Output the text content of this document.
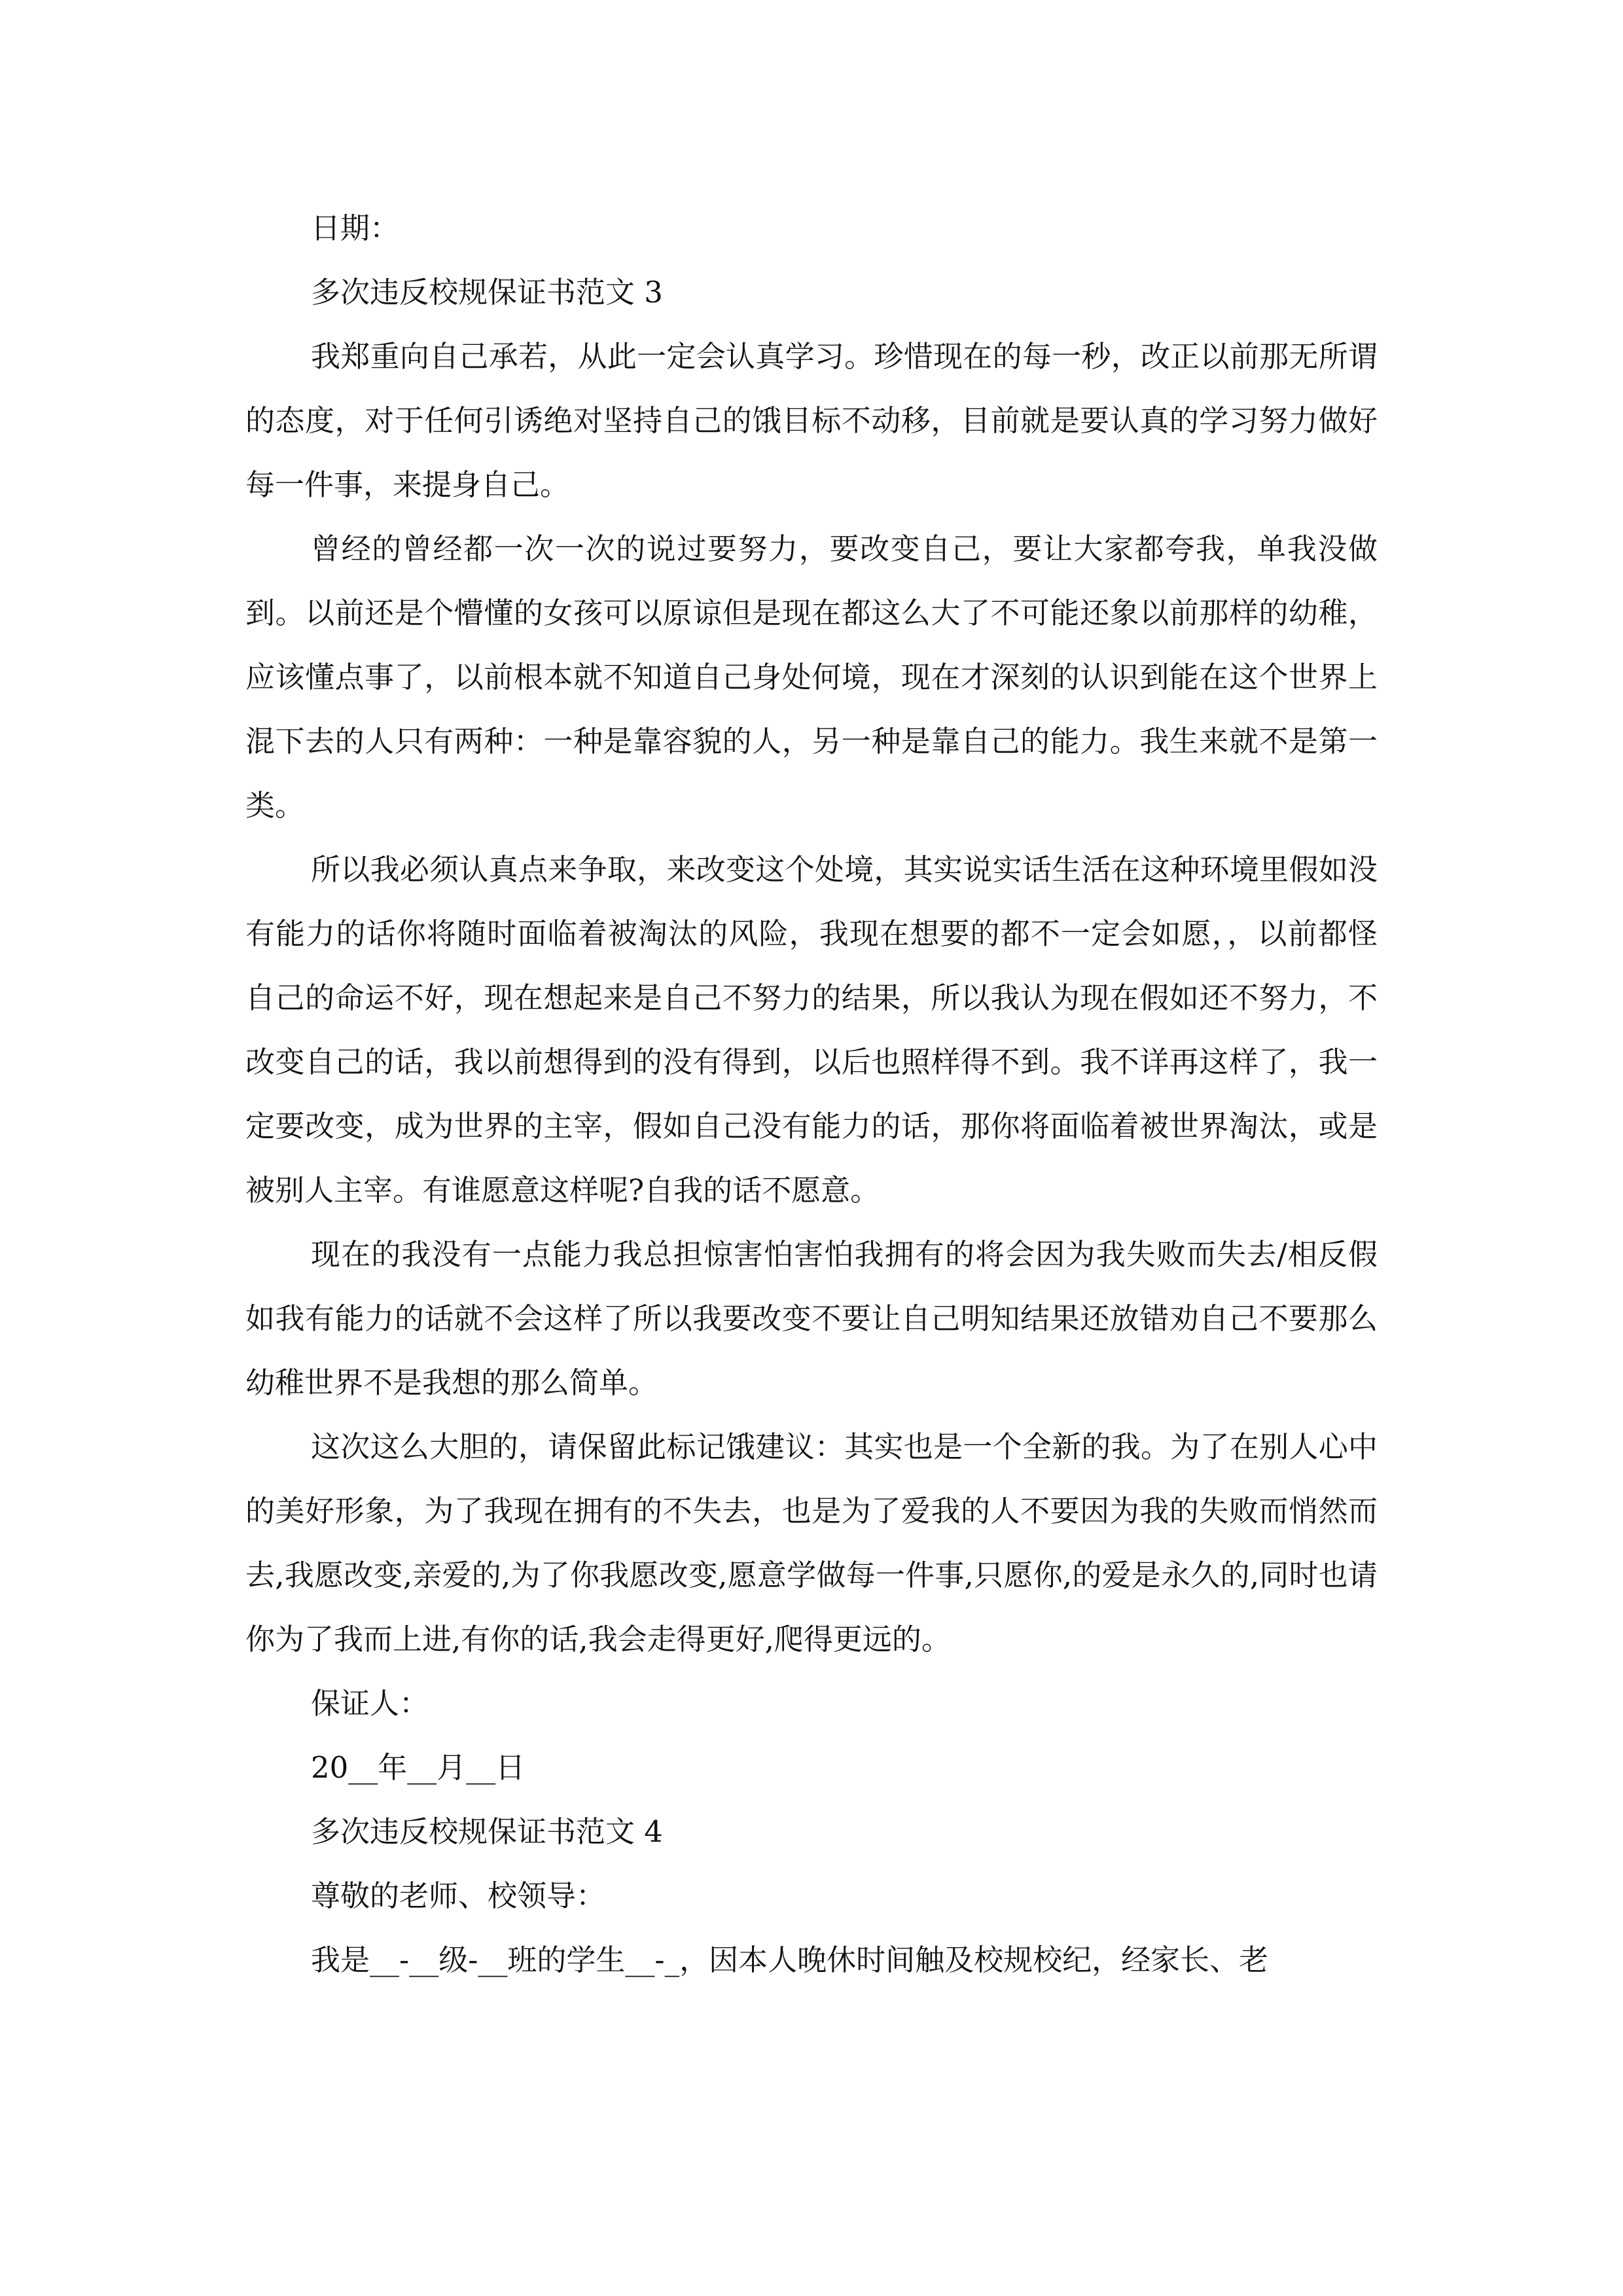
日期：

多次违反校规保证书范文 3

我郑重向自己承若，从此一定会认真学习。珍惜现在的每一秒，改正以前那无所谓的态度，对于任何引诱绝对坚持自己的饿目标不动移，目前就是要认真的学习努力做好每一件事，来提身自己。

曾经的曾经都一次一次的说过要努力，要改变自己，要让大家都夸我，单我没做到。以前还是个懵懂的女孩可以原谅但是现在都这么大了不可能还象以前那样的幼稚，应该懂点事了，以前根本就不知道自己身处何境，现在才深刻的认识到能在这个世界上混下去的人只有两种：一种是靠容貌的人，另一种是靠自己的能力。我生来就不是第一类。

所以我必须认真点来争取，来改变这个处境，其实说实话生活在这种环境里假如没有能力的话你将随时面临着被淘汰的风险，我现在想要的都不一定会如愿，，以前都怪自己的命运不好，现在想起来是自己不努力的结果，所以我认为现在假如还不努力，不改变自己的话，我以前想得到的没有得到，以后也照样得不到。我不详再这样了，我一定要改变，成为世界的主宰，假如自己没有能力的话，那你将面临着被世界淘汰，或是被别人主宰。有谁愿意这样呢?自我的话不愿意。

现在的我没有一点能力我总担惊害怕害怕我拥有的将会因为我失败而失去/相反假如我有能力的话就不会这样了所以我要改变不要让自己明知结果还放错劝自己不要那么幼稚世界不是我想的那么简单。

这次这么大胆的，请保留此标记饿建议：其实也是一个全新的我。为了在别人心中的美好形象，为了我现在拥有的不失去，也是为了爱我的人不要因为我的失败而悄然而去,我愿改变,亲爱的,为了你我愿改变,愿意学做每一件事,只愿你,的爱是永久的,同时也请你为了我而上进,有你的话,我会走得更好,爬得更远的。

保证人：

20__年__月__日

多次违反校规保证书范文 4

尊敬的老师、校领导：

我是__-__级-__班的学生__-_，因本人晚休时间触及校规校纪，经家长、老
